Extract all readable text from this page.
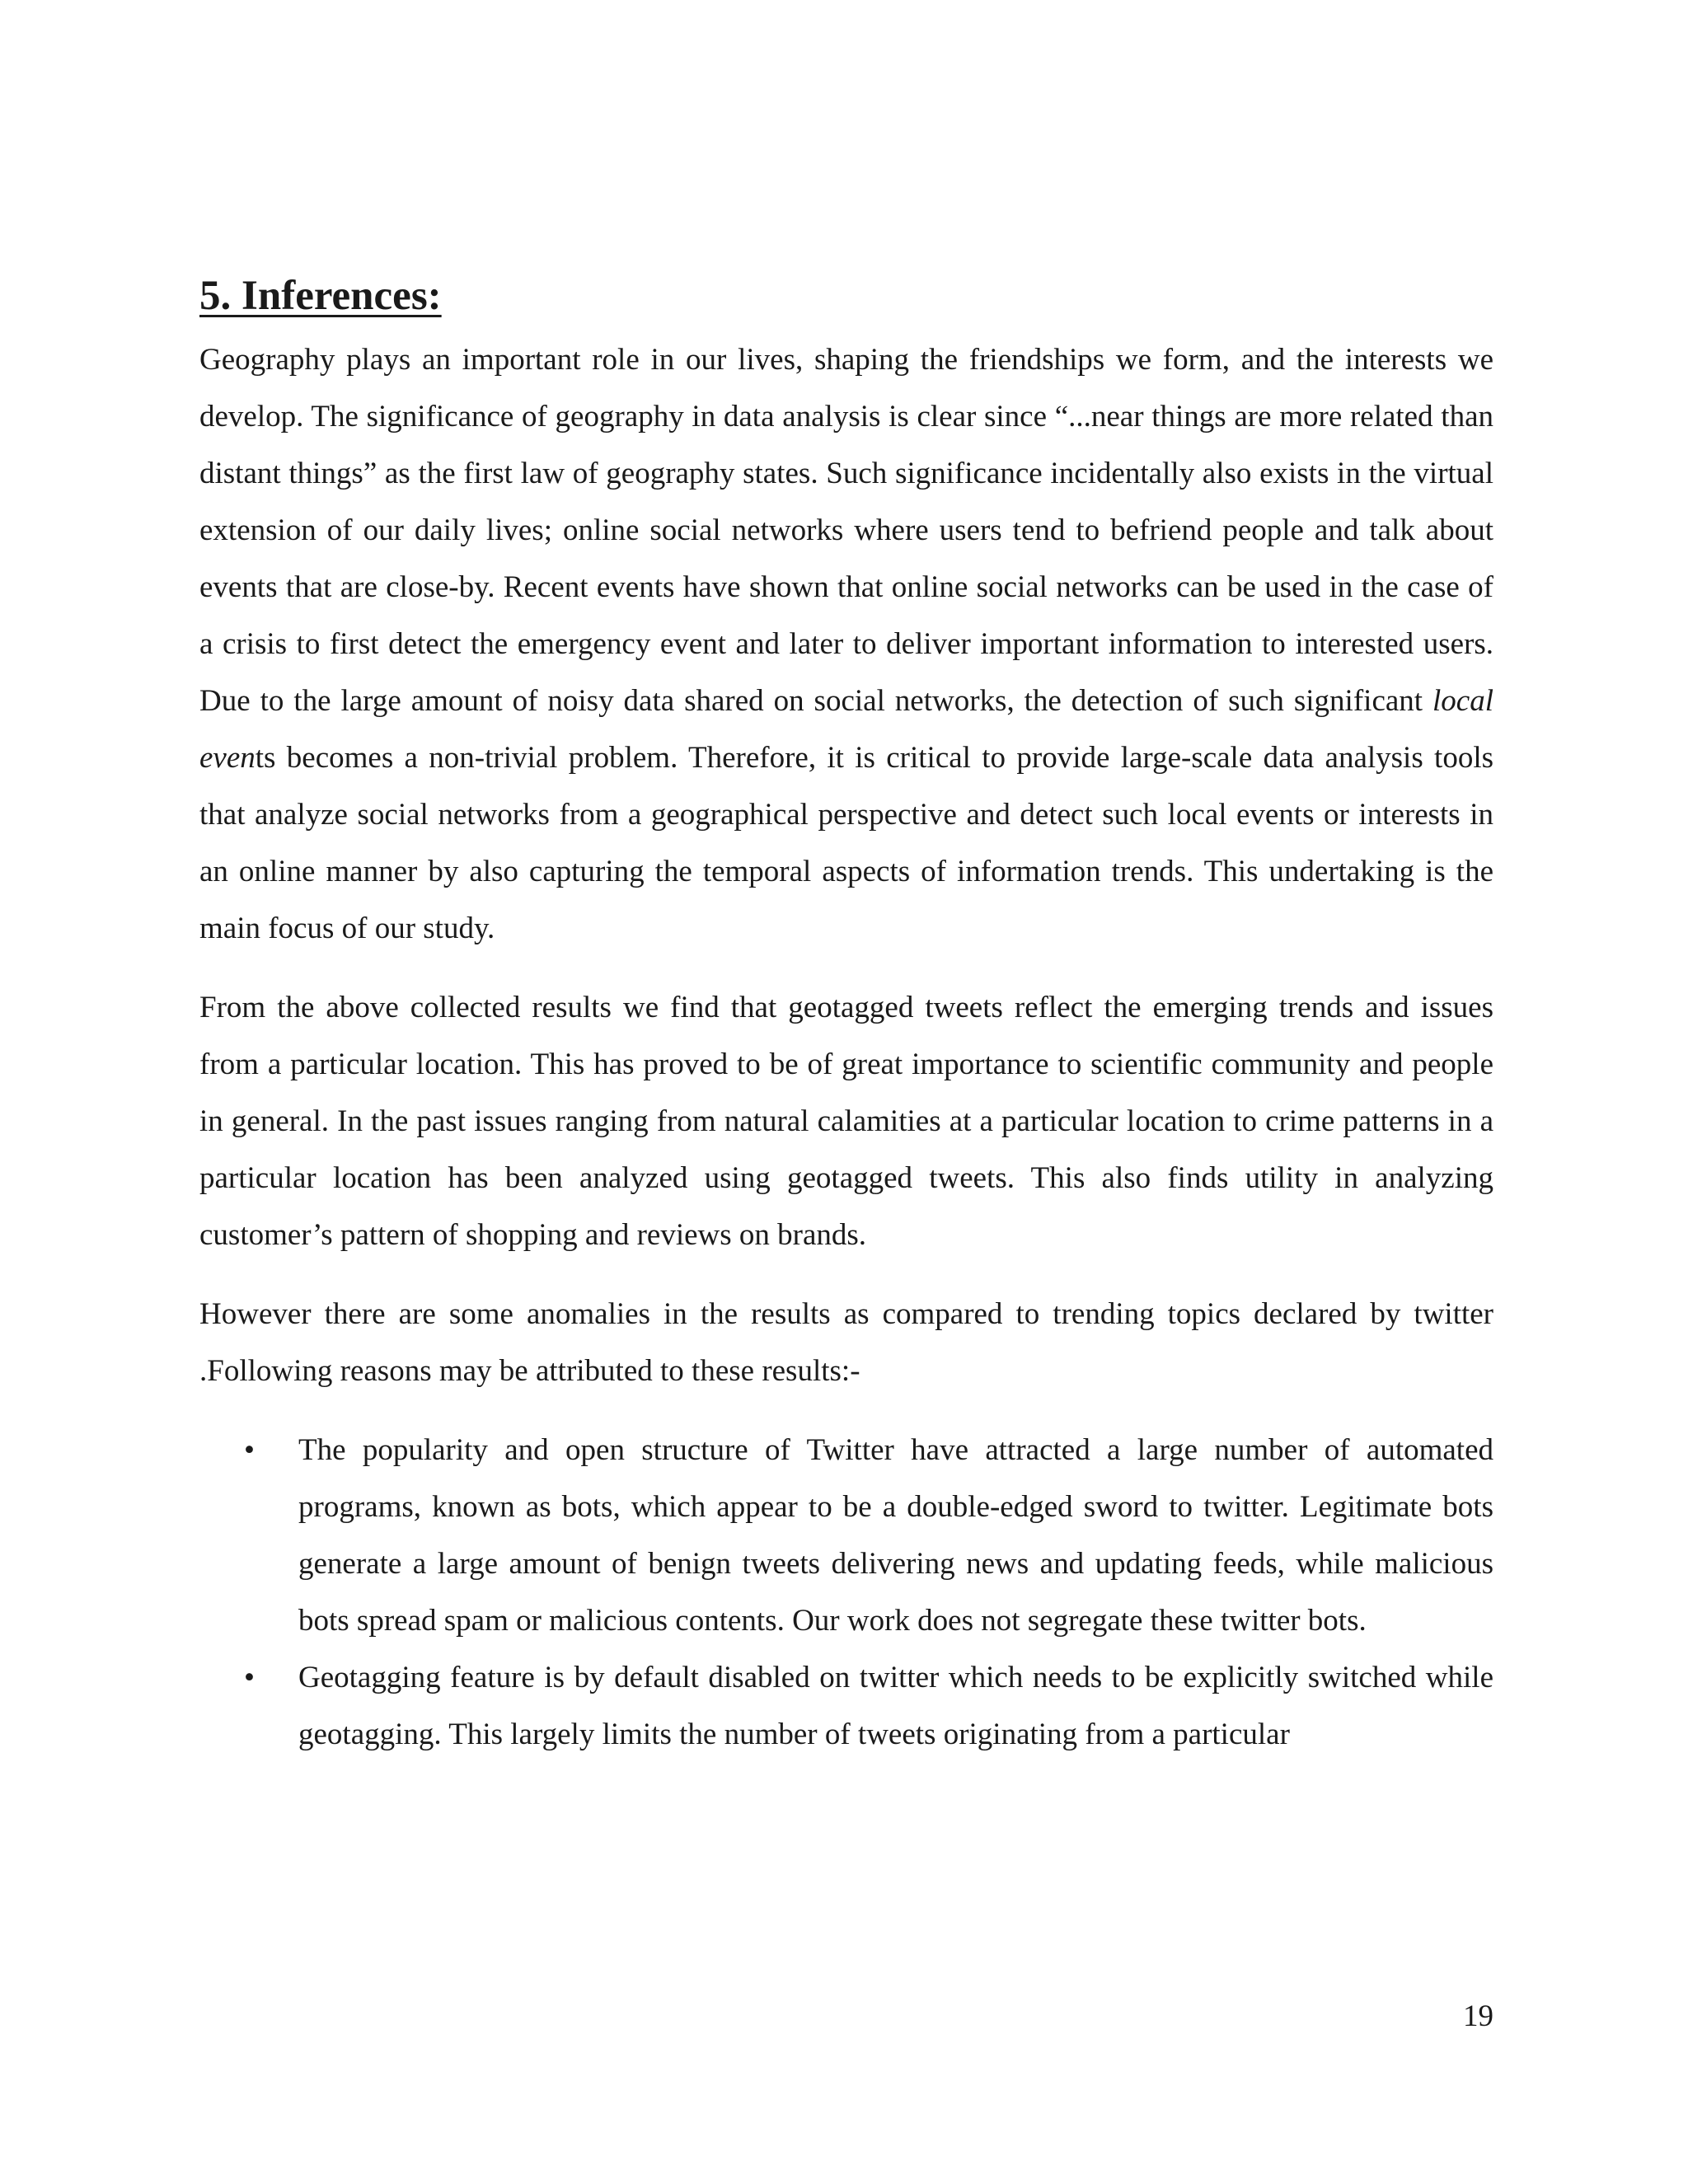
5. Inferences:

Geography plays an important role in our lives, shaping the friendships we form, and the interests we develop. The significance of geography in data analysis is clear since “...near things are more related than distant things” as the first law of geography states. Such significance incidentally also exists in the virtual extension of our daily lives; online social networks where users tend to befriend people and talk about events that are close-by. Recent events have shown that online social networks can be used in the case of a crisis to first detect the emergency event and later to deliver important information to interested users. Due to the large amount of noisy data shared on social networks, the detection of such significant local events becomes a non-trivial problem. Therefore, it is critical to provide large-scale data analysis tools that analyze social networks from a geographical perspective and detect such local events or interests in an online manner by also capturing the temporal aspects of information trends. This undertaking is the main focus of our study.

From the above collected results we find that geotagged tweets reflect the emerging trends and issues from a particular location. This has proved to be of great importance to scientific community and people in general. In the past issues ranging from natural calamities at a particular location to crime patterns in a particular location has been analyzed using geotagged tweets. This also finds utility in analyzing customer’s pattern of shopping and reviews on brands.

However there are some anomalies in the results as compared to trending topics declared by twitter .Following reasons may be attributed to these results:-

• The popularity and open structure of Twitter have attracted a large number of automated programs, known as bots, which appear to be a double-edged sword to twitter. Legitimate bots generate a large amount of benign tweets delivering news and updating feeds, while malicious bots spread spam or malicious contents. Our work does not segregate these twitter bots.
• Geotagging feature is by default disabled on twitter which needs to be explicitly switched while geotagging. This largely limits the number of tweets originating from a particular
19
